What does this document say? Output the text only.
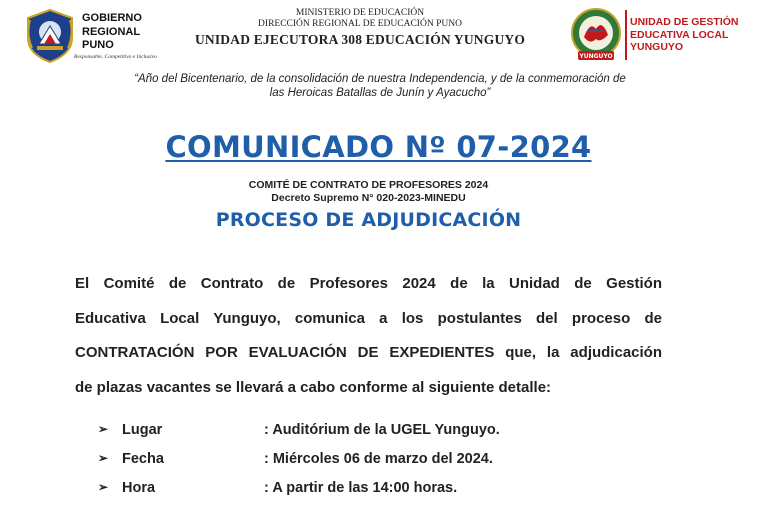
GOBIERNO
REGIONAL
PUNO
Responsable, Competitivo e Inclusivo
MINISTERIO DE EDUCACIÓN
DIRECCIÓN REGIONAL DE EDUCACIÓN PUNO
UNIDAD EJECUTORA 308 EDUCACIÓN YUNGUYO
YUNGUYO
UNIDAD DE GESTIÓN
EDUCATIVA LOCAL
YUNGUYO
“Año del Bicentenario, de la consolidación de nuestra Independencia, y de la conmemoración de
las Heroicas Batallas de Junín y Ayacucho”
COMUNICADO Nº 07-2024
COMITÉ DE CONTRATO DE PROFESORES 2024
Decreto Supremo N° 020-2023-MINEDU
PROCESO DE ADJUDICACIÓN
El Comité de Contrato de Profesores 2024 de la Unidad de Gestión
Educativa Local Yunguyo, comunica a los postulantes del proceso de
CONTRATACIÓN POR EVALUACIÓN DE EXPEDIENTES que, la adjudicación
de plazas vacantes se llevará a cabo conforme al siguiente detalle:
➢ Lugar	: Auditórium de la UGEL Yunguyo.
➢ Fecha	: Miércoles 06 de marzo del 2024.
➢ Hora	: A partir de las 14:00 horas.
